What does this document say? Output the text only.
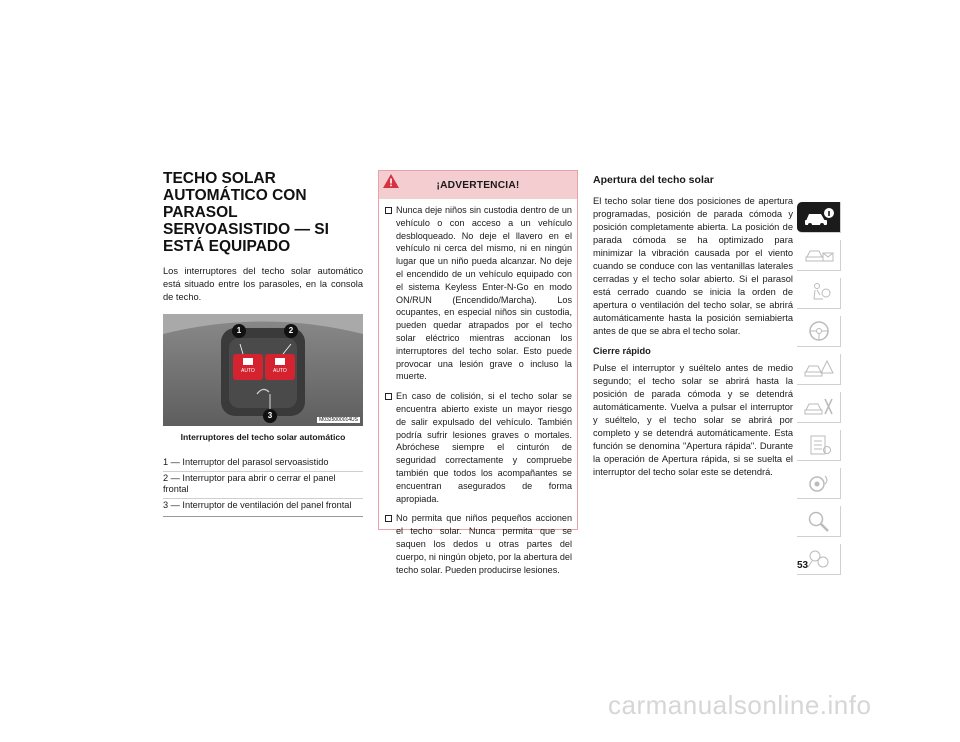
TECHO SOLAR AUTOMÁTICO CON PARASOL SERVOASISTIDO — SI ESTÁ EQUIPADO

Los interruptores del techo solar automático está situado entre los parasoles, en la consola de techo.

1	2
3
AUTO	AUTO
M0325000014US
Interruptores del techo solar automático
1 — Interruptor del parasol servoasistido
2 — Interruptor para abrir o cerrar el panel frontal
3 — Interruptor de ventilación del panel frontal
¡ADVERTENCIA!

Nunca deje niños sin custodia dentro de un vehículo o con acceso a un vehículo desbloqueado. No deje el llavero en el vehículo ni cerca del mismo, ni en ningún lugar que un niño pueda alcanzar. No deje el encendido de un vehículo equipado con el sistema Keyless Enter-N-Go en modo ON/RUN (Encendido/Marcha). Los ocupantes, en especial niños sin custodia, pueden quedar atrapados por el techo solar eléctrico mientras accionan los interruptores del techo solar. Esto puede provocar una lesión grave o incluso la muerte.

En caso de colisión, si el techo solar se encuentra abierto existe un mayor riesgo de salir expulsado del vehículo. También podría sufrir lesiones graves o mortales. Abróchese siempre el cinturón de seguridad correctamente y compruebe también que todos los acompañantes se encuentran asegurados de forma apropiada.

No permita que niños pequeños accionen el techo solar. Nunca permita que se saquen los dedos u otras partes del cuerpo, ni ningún objeto, por la abertura del techo solar. Pueden producirse lesiones.

Apertura del techo solar

El techo solar tiene dos posiciones de apertura programadas, posición de parada cómoda y posición completamente abierta. La posición de parada cómoda se ha optimizado para minimizar la vibración causada por el viento cuando se conduce con las ventanillas laterales cerradas y el techo solar abierto. Si el parasol está cerrado cuando se inicia la orden de apertura o ventilación del techo solar, se abrirá automáticamente hasta la posición semiabierta antes de que se abra el techo solar.

Cierre rápido

Pulse el interruptor y suéltelo antes de medio segundo; el techo solar se abrirá hasta la posición de parada cómoda y se detendrá automáticamente. Vuelva a pulsar el interruptor y suéltelo, y el techo solar se abrirá por completo y se detendrá automáticamente. Esta función se denomina "Apertura rápida". Durante la operación de Apertura rápida, si se suelta el interruptor del techo solar este se detendrá.

53
carmanualsonline.info
